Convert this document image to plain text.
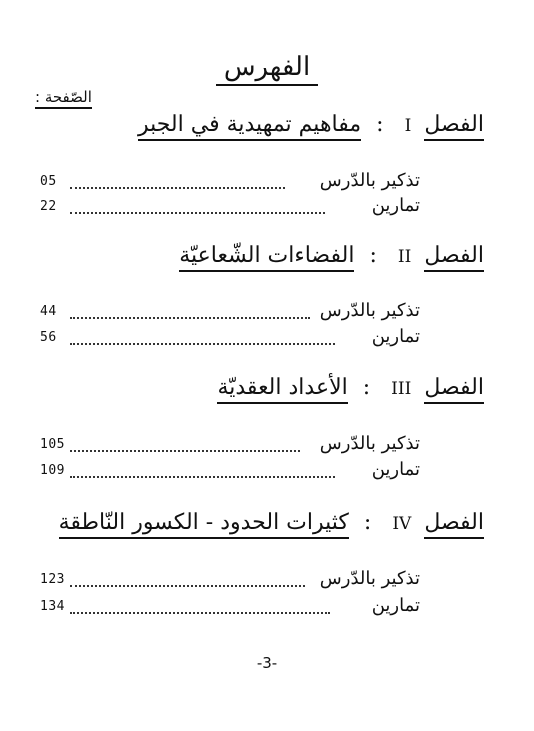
الفهرس
الصّفحة :
الفصل I : مفاهيم تمهيدية في الجبر
05	تذكير بالدّرس
22	تمارين
الفصل II : الفضاءات الشّعاعيّة
44	تذكير بالدّرس
56	تمارين
الفصل III : الأعداد العقديّة
105	تذكير بالدّرس
109	تمارين
الفصل IV : كثيرات الحدود - الكسور النّاطقة
123	تذكير بالدّرس
134	تمارين
-3-
